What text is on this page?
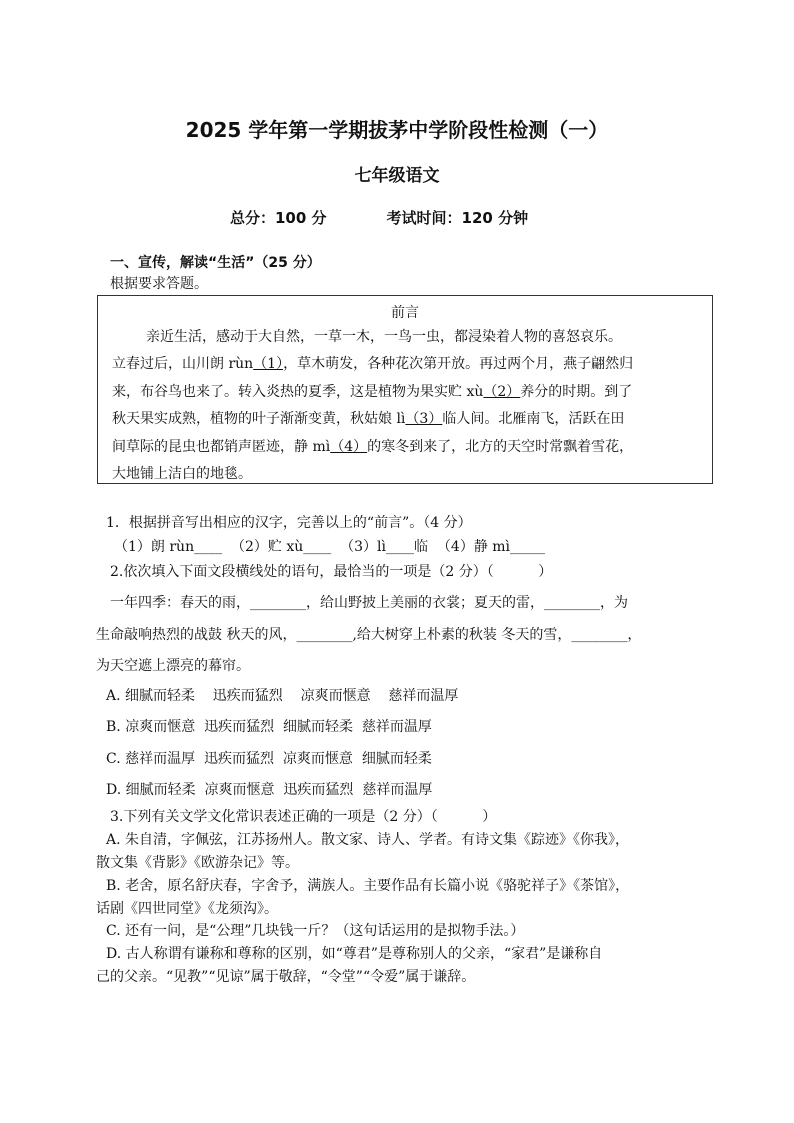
2025 学年第一学期拔茅中学阶段性检测（一）
七年级语文
总分：100 分	考试时间：120 分钟
一、宣传，解读“生活”（25 分）
根据要求答题。
前言
亲近生活，感动于大自然，一草一木，一鸟一虫，都浸染着人物的喜怒哀乐。
立春过后，山川朗 rùn（1），草木萌发，各种花次第开放。再过两个月，燕子翩然归
来，布谷鸟也来了。转入炎热的夏季，这是植物为果实贮 xù（2）养分的时期。到了
秋天果实成熟，植物的叶子渐渐变黄，秋姑娘 lì（3）临人间。北雁南飞，活跃在田
间草际的昆虫也都销声匿迹，静 mì（4）的寒冬到来了，北方的天空时常飘着雪花，
大地铺上洁白的地毯。
1．根据拼音写出相应的汉字，完善以上的“前言”。（4 分）
（1）朗 rùn____  （2）贮 xù____  （3）lì____临  （4）静 mì_____
2.依次填入下面文段横线处的语句，最恰当的一项是（2 分）（          ）
一年四季：春天的雨，________，给山野披上美丽的衣裳；夏天的雷，________，为
生命敲响热烈的战鼓 秋天的风，________,给大树穿上朴素的秋装 冬天的雪，________，
为天空遮上漂亮的幕帘。
A. 细腻而轻柔    迅疾而猛烈    凉爽而惬意    慈祥而温厚
B. 凉爽而惬意  迅疾而猛烈  细腻而轻柔  慈祥而温厚
C. 慈祥而温厚  迅疾而猛烈  凉爽而惬意  细腻而轻柔
D. 细腻而轻柔  凉爽而惬意  迅疾而猛烈  慈祥而温厚
3.下列有关文学文化常识表述正确的一项是（2 分）（          ）
A. 朱自清，字佩弦，江苏扬州人。散文家、诗人、学者。有诗文集《踪迹》《你我》，
散文集《背影》《欧游杂记》等。
B. 老舍，原名舒庆春，字舍予，满族人。主要作品有长篇小说《骆驼祥子》《茶馆》，
话剧《四世同堂》《龙须沟》。
C. 还有一问，是“公理”几块钱一斤？（这句话运用的是拟物手法。）
D. 古人称谓有谦称和尊称的区别，如“尊君”是尊称别人的父亲，“家君”是谦称自
己的父亲。“见教”“见谅”属于敬辞，“令堂”“令爱”属于谦辞。
